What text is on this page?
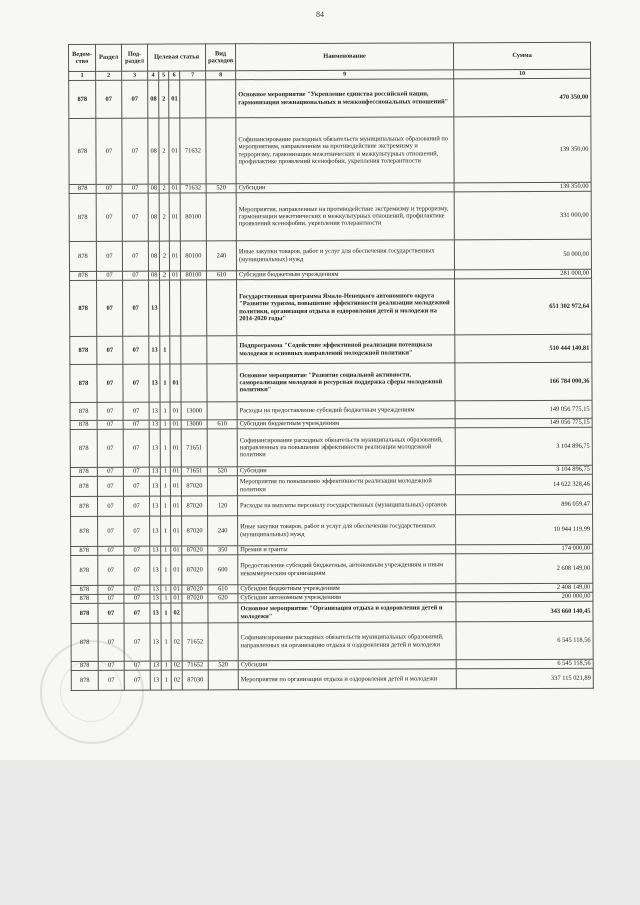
84
Ведом-ство	Раздел	Под-раздел	Целевая статья				Вид расходов	Наименование	Сумма
1	2	3	4	5	6	7	8	9	10
878	07	07	08	2	01			Основное мероприятие "Укрепление единства российской нации, гармонизация межнациональных и межконфессиональных отношений"	470 350,00
878	07	07	08	2	01	71632		Софинансирование расходных обязательств муниципальных образований по мероприятиям, направленным на противодействие экстремизму и терроризму, гармонизации межэтнических и межкультурных отношений, профилактике проявлений ксенофобии, укрепления толерантности	139 350,00
878	07	07	08	2	01	71632	520	Субсидии	139 350,00
878	07	07	08	2	01	80100		Мероприятия, направленные на противодействие экстремизму и терроризму, гармонизации межэтнических и межкультурных отношений, профилактике проявлений ксенофобии, укрепления толерантности	331 000,00
878	07	07	08	2	01	80100	240	Иные закупки товаров, работ и услуг для обеспечения государственных (муниципальных) нужд	50 000,00
878	07	07	08	2	01	80100	610	Субсидии бюджетным учреждениям	281 000,00
878	07	07	13					Государственная программа Ямало-Ненецкого автономного округа "Развитие туризма, повышение эффективности реализации молодежной политики, организация отдыха и оздоровления детей и молодежи на 2014-2020 годы"	651 302 972,64
878	07	07	13	1				Подпрограмма "Содействие эффективной реализации потенциала молодежи и основных направлений молодежной политики"	510 444 140,81
878	07	07	13	1	01			Основное мероприятие "Развитие социальной активности, самореализации молодежи и ресурсная поддержка сферы молодежной политики"	166 784 000,36
878	07	07	13	1	01	13000		Расходы на предоставление субсидий бюджетным учреждениям	149 056 775,15
878	07	07	13	1	01	13000	610	Субсидии бюджетным учреждениям	149 056 775,15
878	07	07	13	1	01	71651		Софинансирование расходных обязательств муниципальных образований, направленных на повышение эффективности реализации молодежной политики	3 104 896,75
878	07	07	13	1	01	71651	520	Субсидии	3 104 896,75
878	07	07	13	1	01	87020		Мероприятия по повышению эффективности реализации молодежной политики	14 622 328,46
878	07	07	13	1	01	87020	120	Расходы на выплаты персоналу государственных (муниципальных) органов	896 059,47
878	07	07	13	1	01	87020	240	Иные закупки товаров, работ и услуг для обеспечения государственных (муниципальных) нужд	10 944 119,99
878	07	07	13	1	01	87020	350	Премии и гранты	174 000,00
878	07	07	13	1	01	87020	600	Предоставление субсидий бюджетным, автономным учреждениям и иным некоммерческим организациям	2 608 149,00
878	07	07	13	1	01	87020	610	Субсидии бюджетным учреждениям	2 408 149,00
878	07	07	13	1	01	87020	620	Субсидии автономным учреждениям	200 000,00
878	07	07	13	1	02			Основное мероприятие "Организация отдыха и оздоровления детей и молодежи"	343 660 140,45
878	07	07	13	1	02	71652		Софинансирование расходных обязательств муниципальных образований, направленных на организацию отдыха и оздоровления детей и молодежи	6 545 118,56
878	07	07	13	1	02	71652	520	Субсидии	6 545 118,56
878	07	07	13	1	02	87030		Мероприятия по организации отдыха и оздоровления детей и молодежи	337 115 021,89
